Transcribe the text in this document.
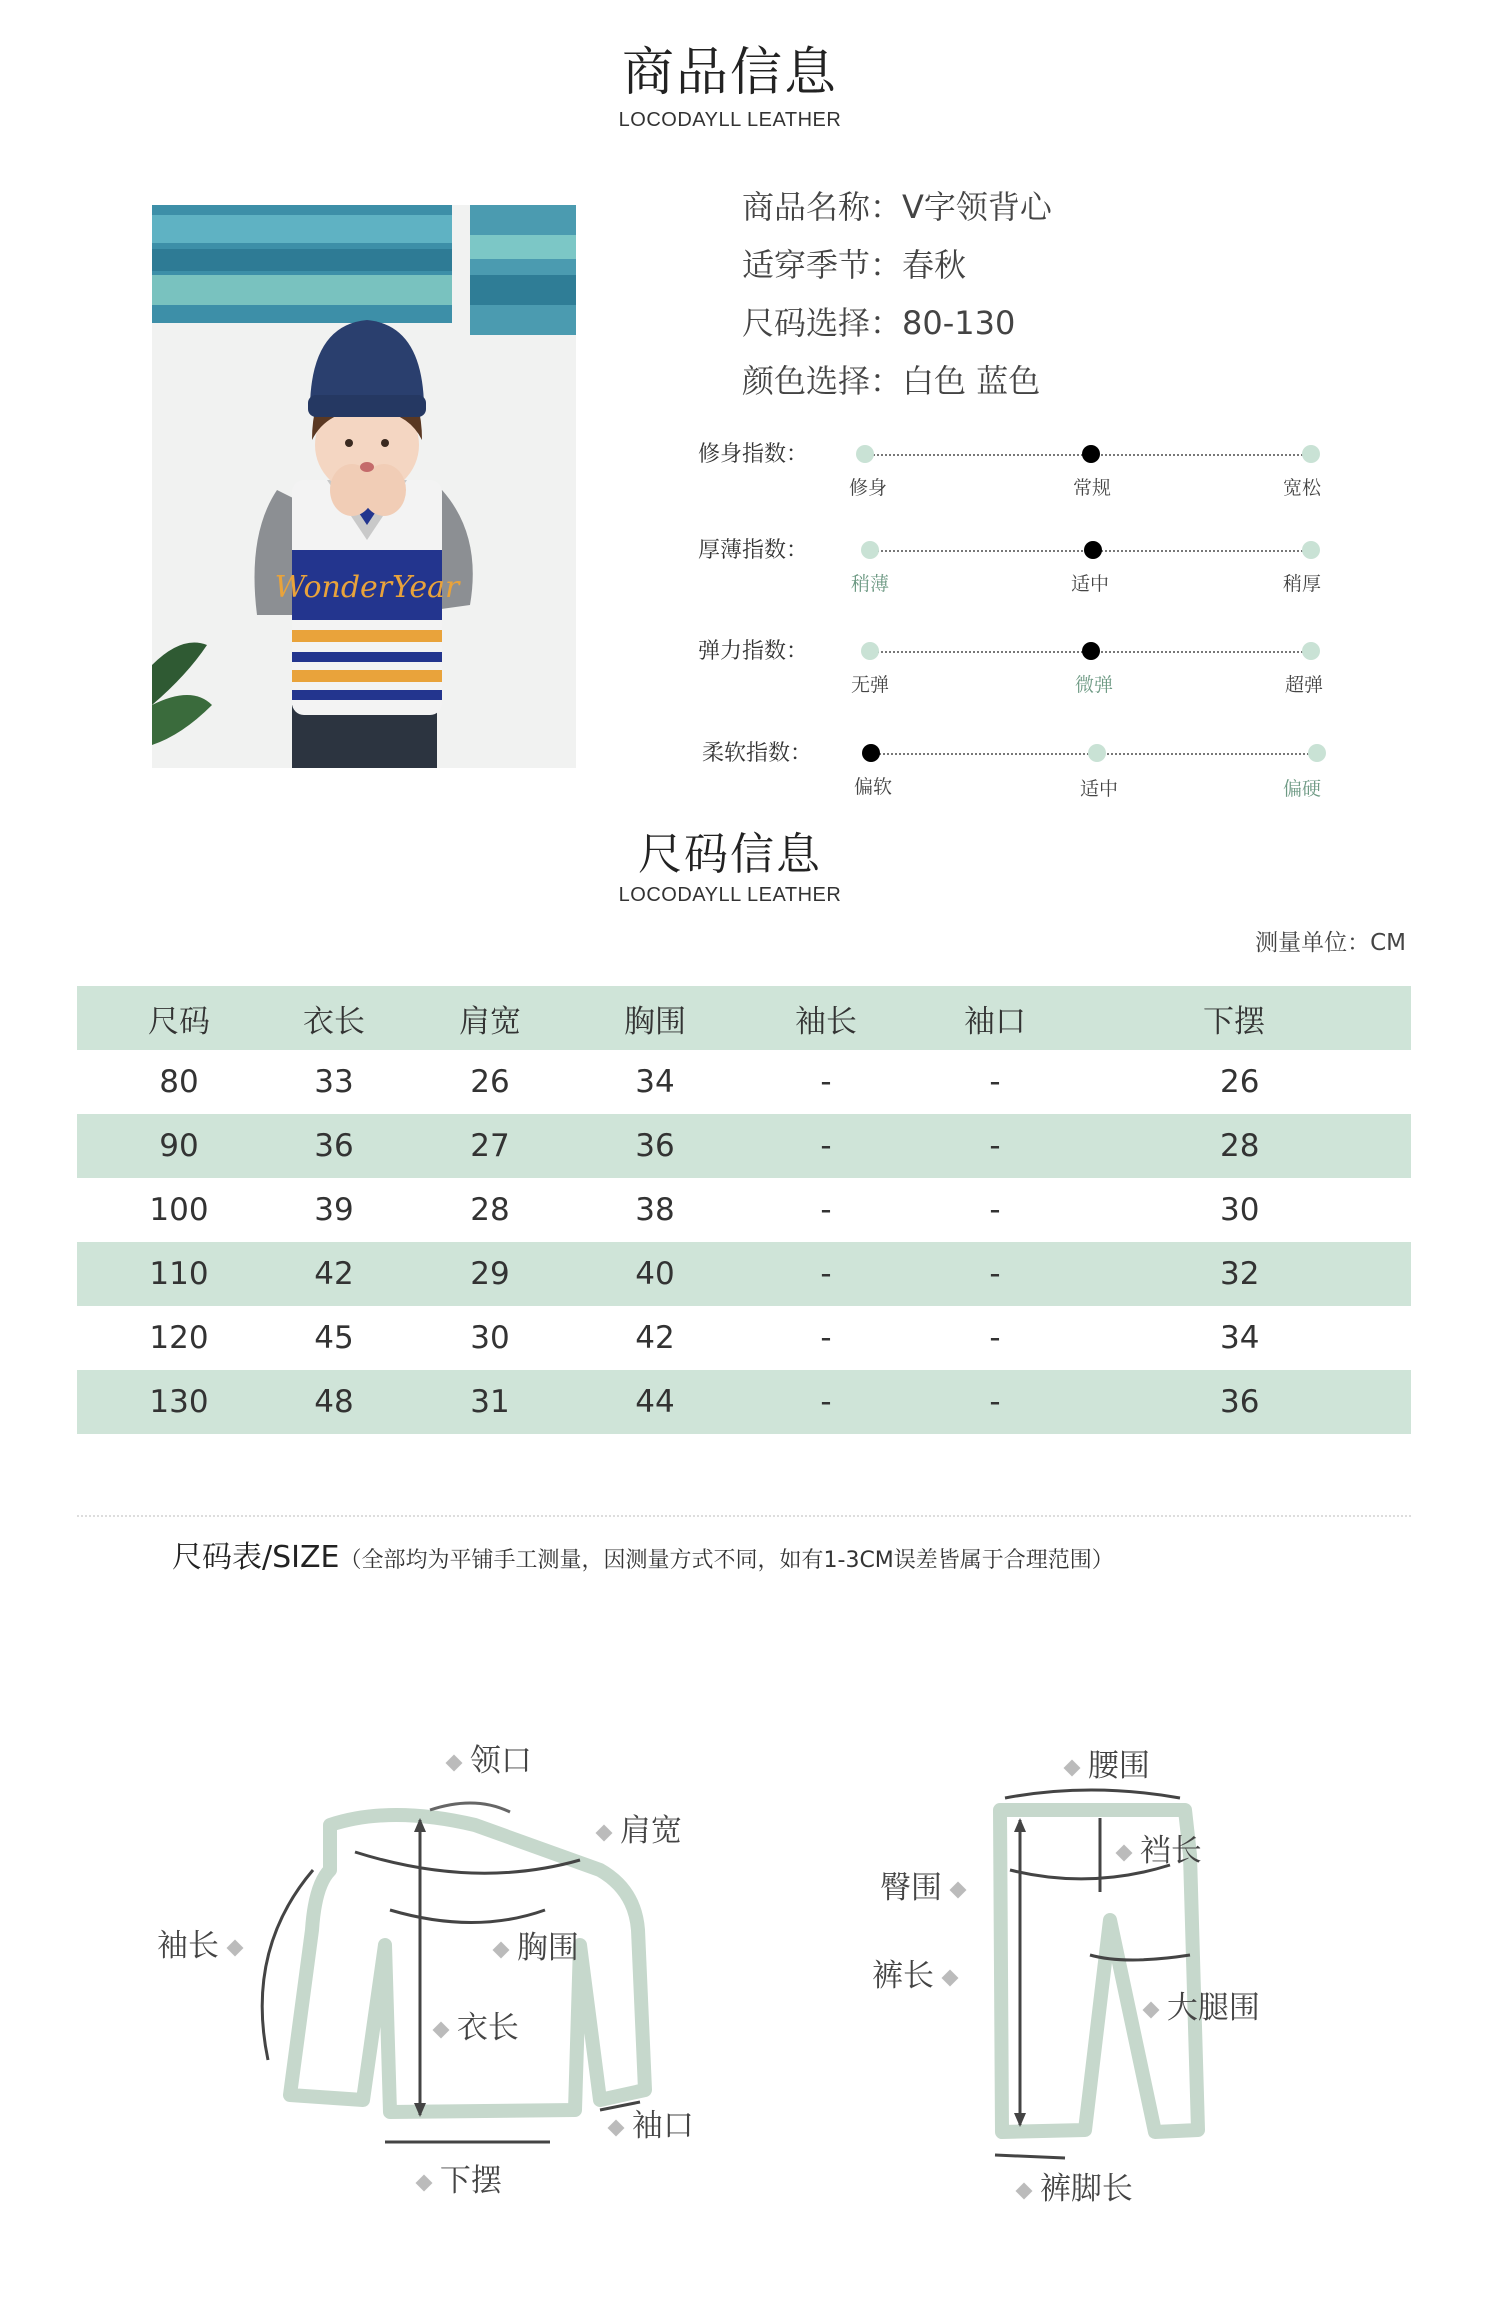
商品信息
LOCODAYLL LEATHER
WonderYear
商品名称：V字领背心
适穿季节：春秋
尺码选择：80-130
颜色选择：白色 蓝色
修身指数：
修身	常规	宽松
厚薄指数：
稍薄	适中	稍厚
弹力指数：
无弹	微弹	超弹
柔软指数：
偏软	适中	偏硬
尺码信息
LOCODAYLL LEATHER
测量单位：CM
尺码	衣长	肩宽	胸围	袖长	袖口	下摆
80	33	26	34	-	-	26
90	36	27	36	-	-	28
100	39	28	38	-	-	30
110	42	29	40	-	-	32
120	45	30	42	-	-	34
130	48	31	44	-	-	36
尺码表/SIZE（全部均为平铺手工测量，因测量方式不同，如有1-3CM误差皆属于合理范围）
领口
肩宽
袖长	胸围
衣长
袖口
下摆
腰围
裆长
臀围
裤长
大腿围
裤脚长
